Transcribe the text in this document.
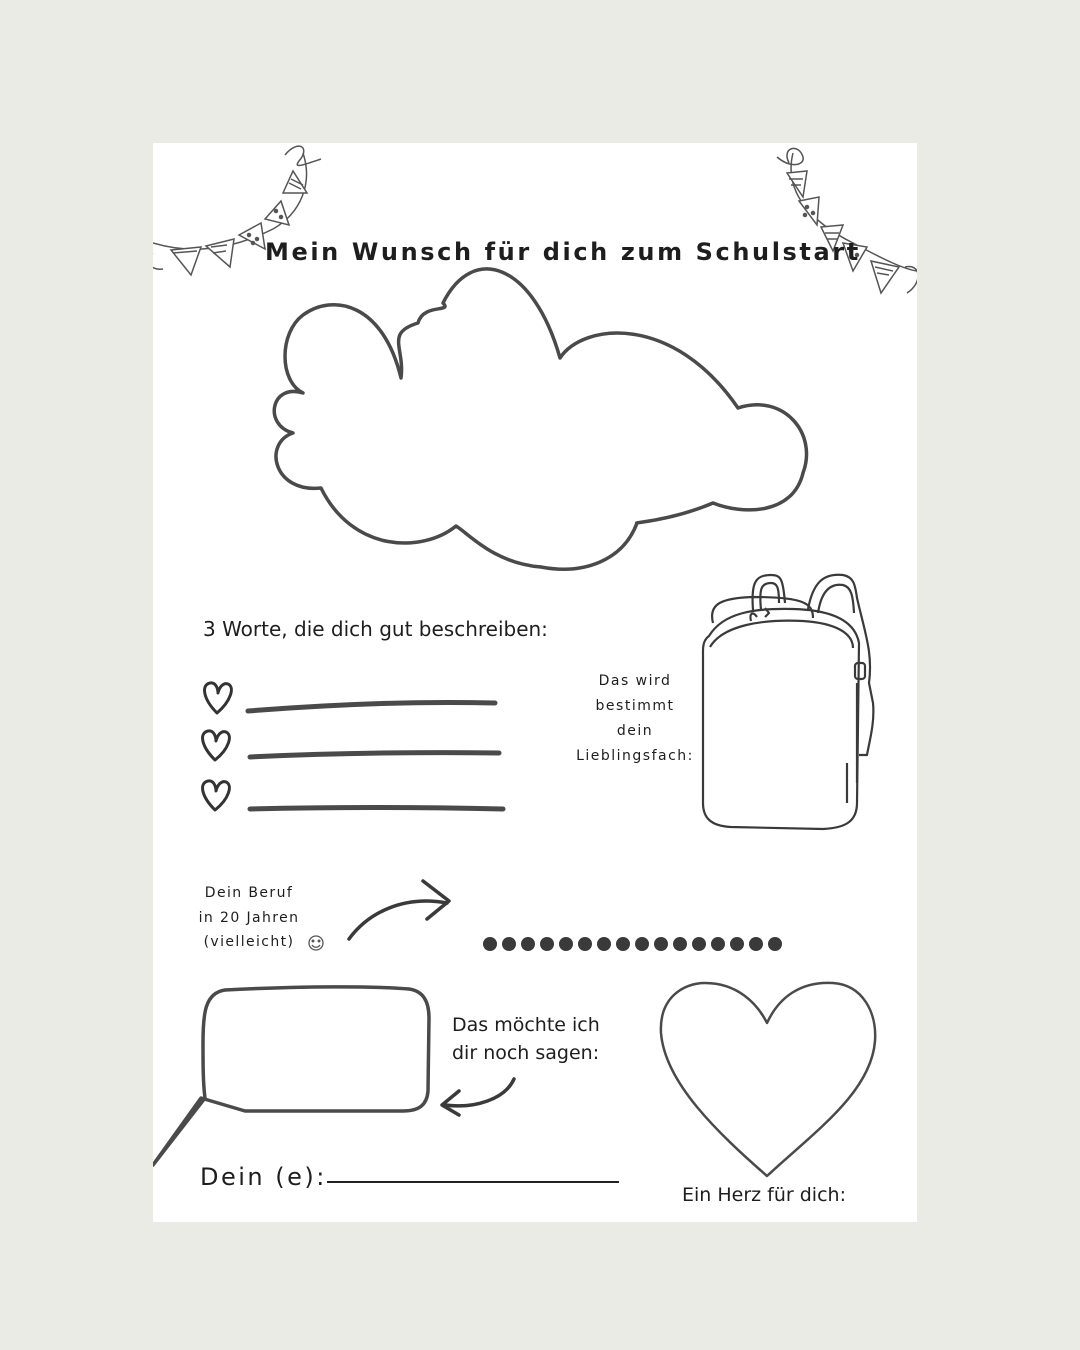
Mein Wunsch für dich zum Schulstart
3 Worte, die dich gut beschreiben:
Das wird
bestimmt
dein
Lieblingsfach:
Dein Beruf
in 20 Jahren
(vielleicht)
Das möchte ich
dir noch sagen:
Dein (e):
Ein Herz für dich:
